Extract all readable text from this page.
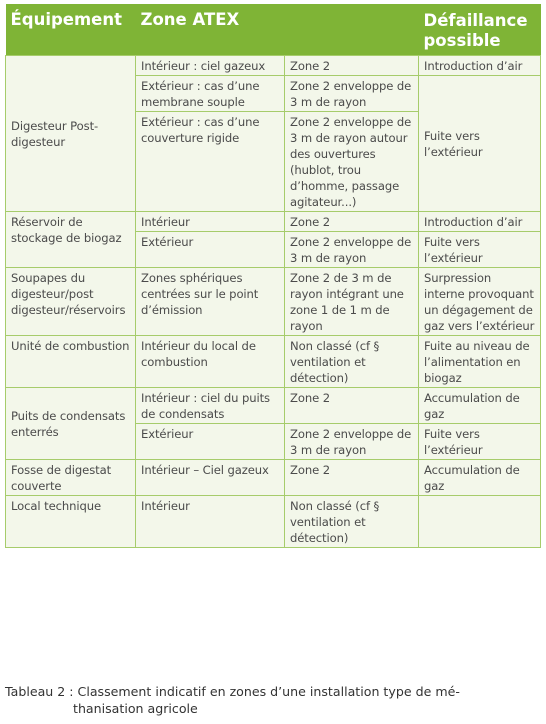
Équipement	Zone ATEX		Défaillance possible
Digesteur Post-digesteur	Intérieur : ciel gazeux	Zone 2	Introduction d’air
	Extérieur : cas d’une membrane souple	Zone 2 enveloppe de 3 m de rayon	Fuite vers l’extérieur
	Extérieur : cas d’une couverture rigide	Zone 2 enveloppe de 3 m de rayon autour des ouvertures (hublot, trou d’homme, passage agitateur...)	
Réservoir de stockage de biogaz	Intérieur	Zone 2	Introduction d’air
	Extérieur	Zone 2 enveloppe de 3 m de rayon	Fuite vers l’extérieur
Soupapes du digesteur/post digesteur/réservoirs	Zones sphériques centrées sur le point d’émission	Zone 2 de 3 m de rayon intégrant une zone 1 de 1 m de rayon	Surpression interne provoquant un dégagement de gaz vers l’extérieur
Unité de combustion	Intérieur du local de combustion	Non classé (cf § ventilation et détection)	Fuite au niveau de l’alimentation en biogaz
Puits de condensats enterrés	Intérieur : ciel du puits de condensats	Zone 2	Accumulation de gaz
	Extérieur	Zone 2 enveloppe de 3 m de rayon	Fuite vers l’extérieur
Fosse de digestat couverte	Intérieur – Ciel gazeux	Zone 2	Accumulation de gaz
Local technique	Intérieur	Non classé (cf § ventilation et détection)	
Tableau 2 : Classement indicatif en zones d’une installation type de mé-
thanisation agricole
